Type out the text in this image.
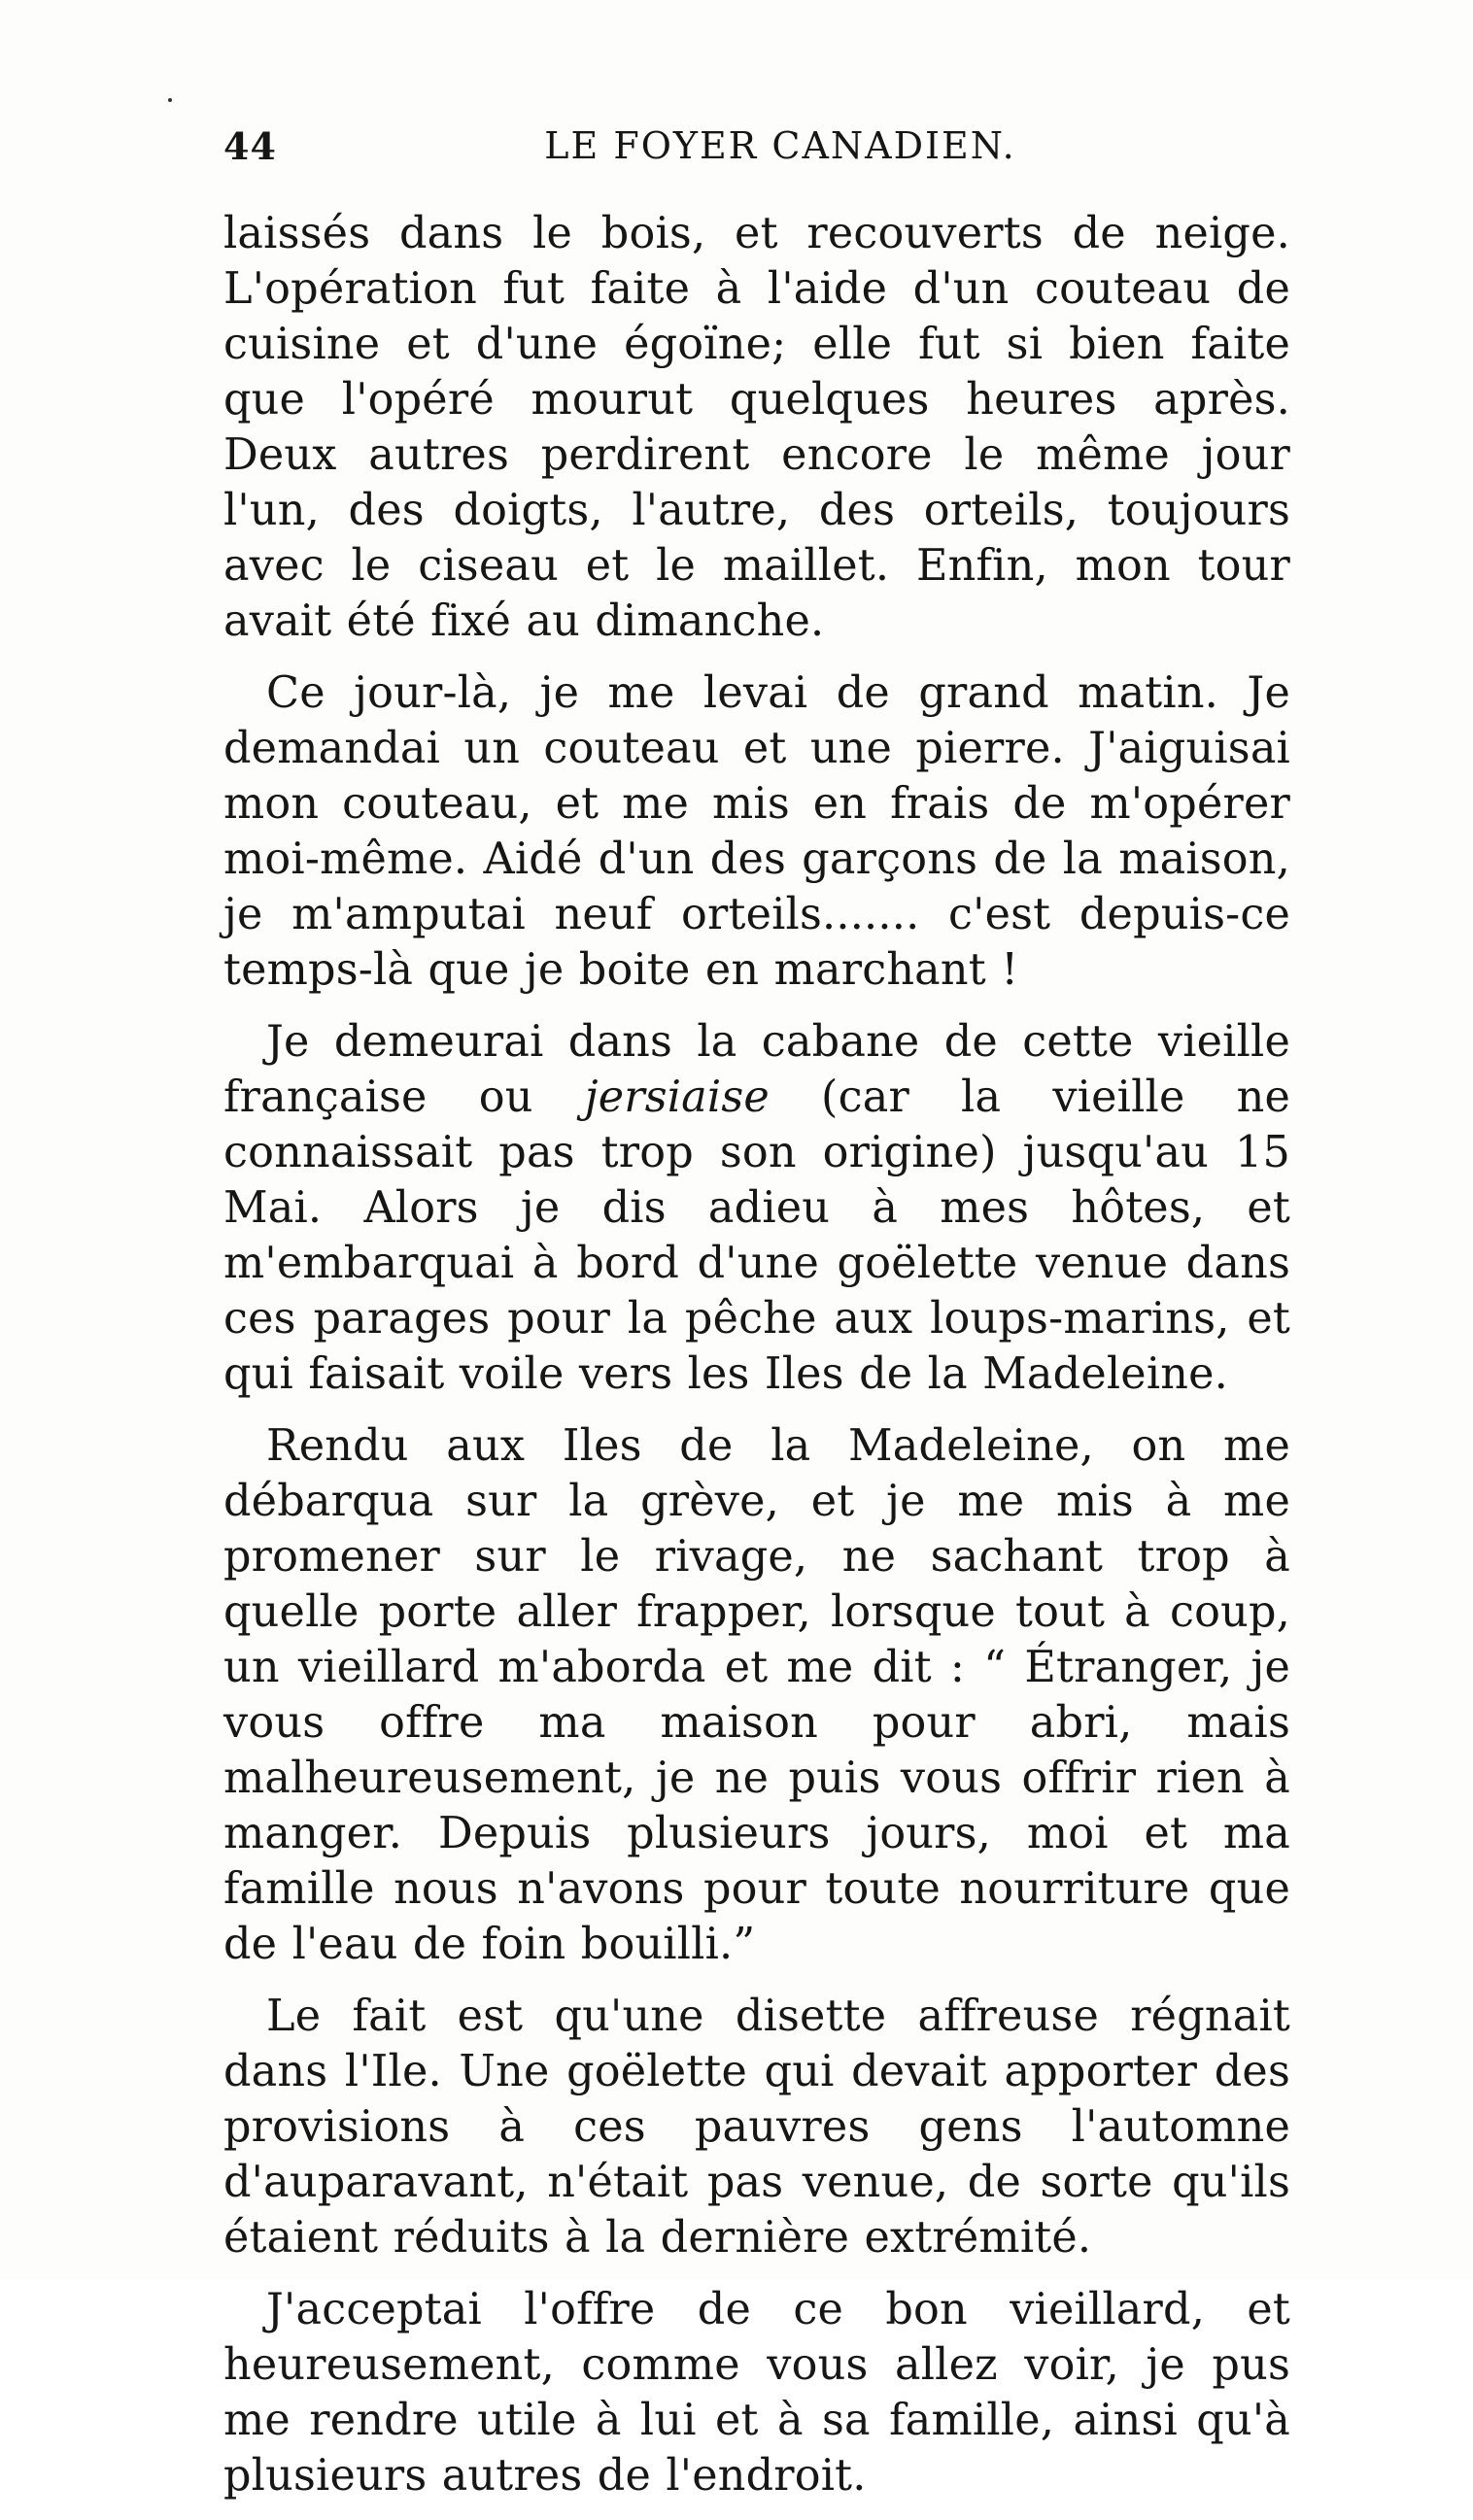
44	LE FOYER CANADIEN.

laissés dans le bois, et recouverts de neige. L'opération fut faite à l'aide d'un couteau de cuisine et d'une égoïne; elle fut si bien faite que l'opéré mourut quelques heures après. Deux autres perdirent encore le même jour l'un, des doigts, l'autre, des orteils, toujours avec le ciseau et le maillet. Enfin, mon tour avait été fixé au dimanche.

Ce jour-là, je me levai de grand matin. Je demandai un couteau et une pierre. J'aiguisai mon couteau, et me mis en frais de m'opérer moi-même. Aidé d'un des garçons de la maison, je m'amputai neuf orteils....... c'est depuis-ce temps-là que je boite en marchant !

Je demeurai dans la cabane de cette vieille française ou jersiaise (car la vieille ne connaissait pas trop son origine) jusqu'au 15 Mai. Alors je dis adieu à mes hôtes, et m'embarquai à bord d'une goëlette venue dans ces parages pour la pêche aux loups-marins, et qui faisait voile vers les Iles de la Madeleine.

Rendu aux Iles de la Madeleine, on me débarqua sur la grève, et je me mis à me promener sur le rivage, ne sachant trop à quelle porte aller frapper, lorsque tout à coup, un vieillard m'aborda et me dit : “ Étranger, je vous offre ma maison pour abri, mais malheureusement, je ne puis vous offrir rien à manger. Depuis plusieurs jours, moi et ma famille nous n'avons pour toute nourriture que de l'eau de foin bouilli.”

Le fait est qu'une disette affreuse régnait dans l'Ile. Une goëlette qui devait apporter des provisions à ces pauvres gens l'automne d'auparavant, n'était pas venue, de sorte qu'ils étaient réduits à la dernière extrémité.

J'acceptai l'offre de ce bon vieillard, et heureusement, comme vous allez voir, je pus me rendre utile à lui et à sa famille, ainsi qu'à plusieurs autres de l'endroit.
